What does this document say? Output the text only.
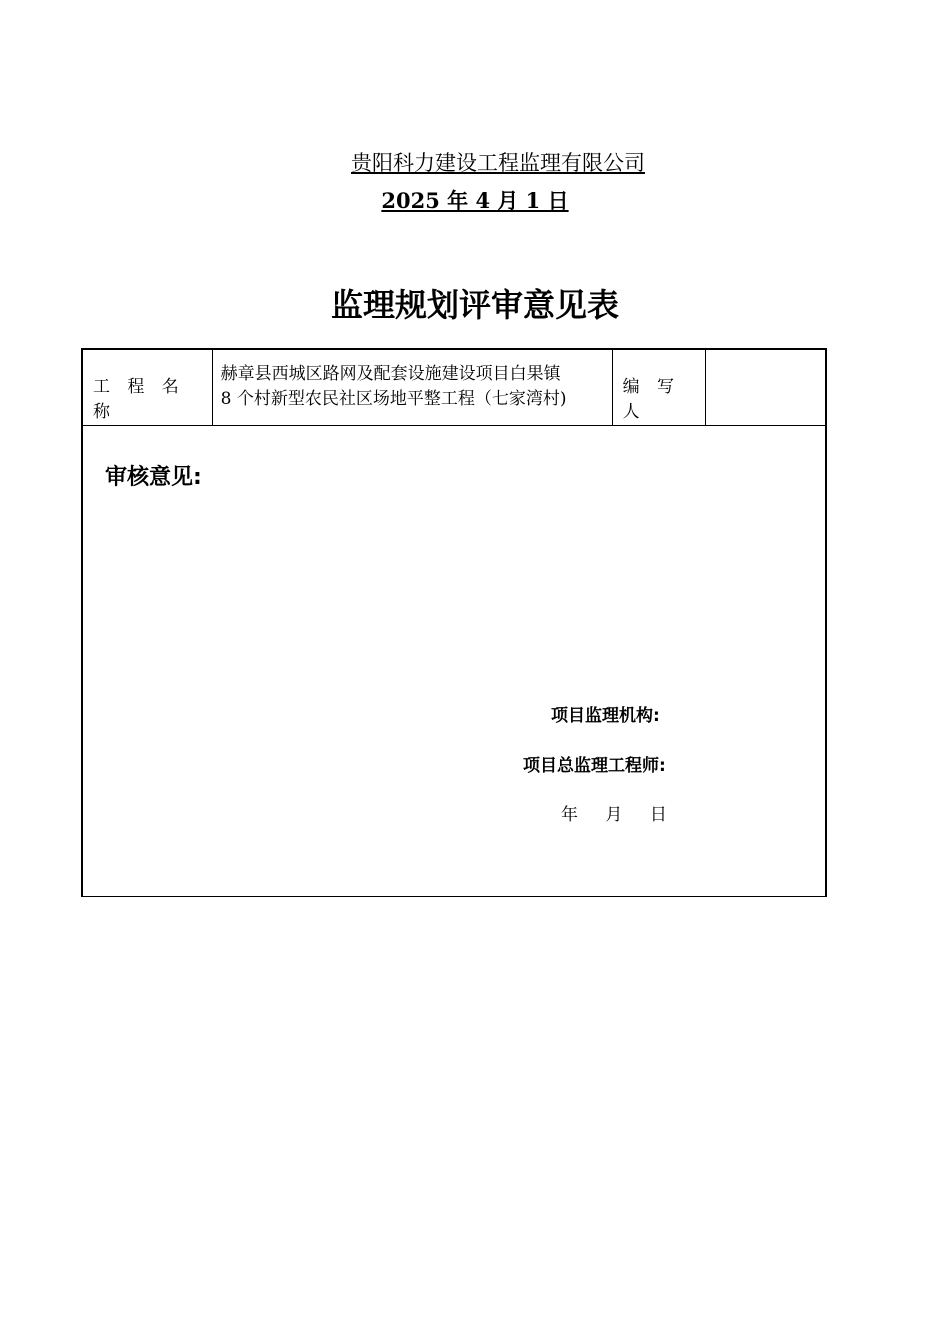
贵阳科力建设工程监理有限公司
2025 年 4 月 1 日
监理规划评审意见表
工 程 名 称
赫章县西城区路网及配套设施建设项目白果镇
8 个村新型农民社区场地平整工程（七家湾村)
编 写 人
审核意见:
项目监理机构:
项目总监理工程师:
年 月 日
